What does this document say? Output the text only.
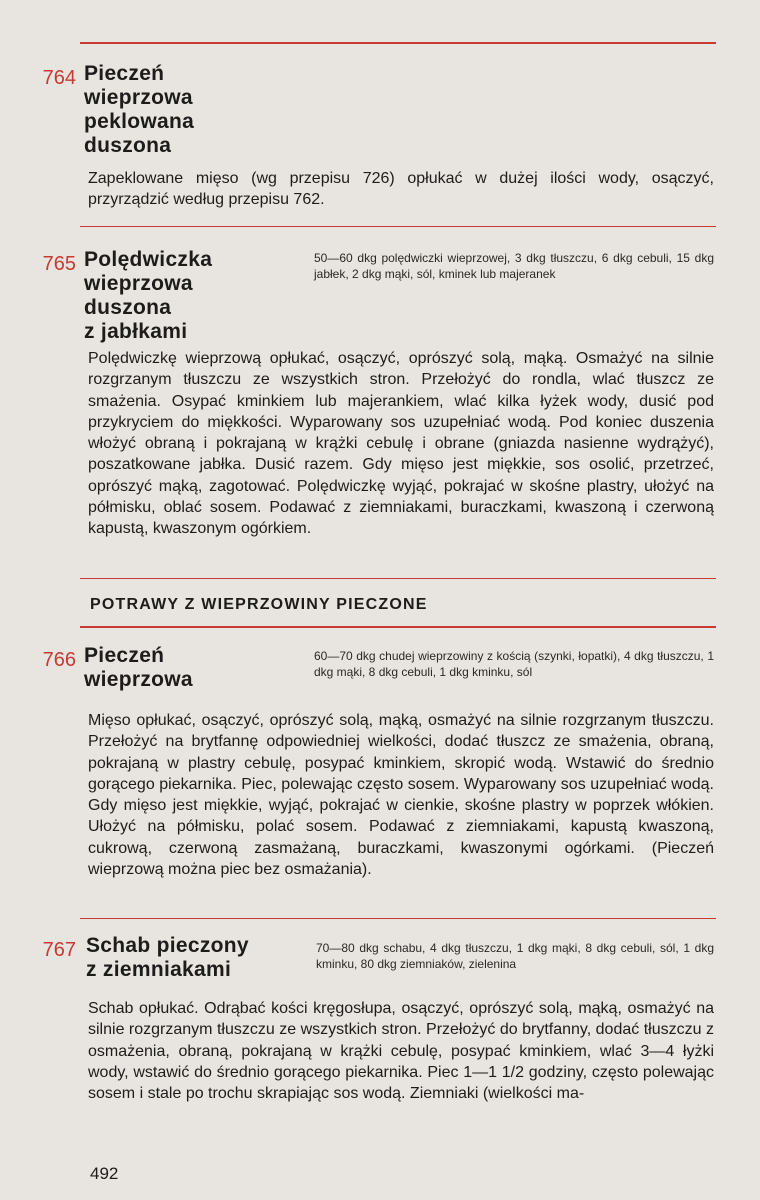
764 Pieczeń
wieprzowa
peklowana
duszona
Zapeklowane mięso (wg przepisu 726) opłukać w dużej ilości wody, osączyć, przyrządzić według przepisu 762.
765 Polędwiczka
wieprzowa
duszona
z jabłkami
50—60 dkg polędwiczki wieprzowej, 3 dkg tłuszczu, 6 dkg cebuli, 15 dkg jabłek, 2 dkg mąki, sól, kminek lub majeranek
Polędwiczkę wieprzową opłukać, osączyć, oprószyć solą, mąką. Osmażyć na silnie rozgrzanym tłuszczu ze wszystkich stron. Przełożyć do rondla, wlać tłuszcz ze smażenia. Osypać kminkiem lub majerankiem, wlać kilka łyżek wody, dusić pod przykryciem do miękkości. Wyparowany sos uzupełniać wodą. Pod koniec duszenia włożyć obraną i pokrajaną w krążki cebulę i obrane (gniazda nasienne wydrążyć), poszatkowane jabłka. Dusić razem. Gdy mięso jest miękkie, sos osolić, przetrzeć, oprószyć mąką, zagotować. Polędwiczkę wyjąć, pokrajać w skośne plastry, ułożyć na półmisku, oblać sosem. Podawać z ziemniakami, buraczkami, kwaszoną i czerwoną kapustą, kwaszonym ogórkiem.
POTRAWY Z WIEPRZOWINY PIECZONE
766 Pieczeń
wieprzowa
60—70 dkg chudej wieprzowiny z kością (szynki, łopatki), 4 dkg tłuszczu, 1 dkg mąki, 8 dkg cebuli, 1 dkg kminku, sól
Mięso opłukać, osączyć, oprószyć solą, mąką, osmażyć na silnie rozgrzanym tłuszczu. Przełożyć na brytfannę odpowiedniej wielkości, dodać tłuszcz ze smażenia, obraną, pokrajaną w plastry cebulę, posypać kminkiem, skropić wodą. Wstawić do średnio gorącego piekarnika. Piec, polewając często sosem. Wyparowany sos uzupełniać wodą. Gdy mięso jest miękkie, wyjąć, pokrajać w cienkie, skośne plastry w poprzek włókien. Ułożyć na półmisku, polać sosem. Podawać z ziemniakami, kapustą kwaszoną, cukrową, czerwoną zasmażaną, buraczkami, kwaszonymi ogórkami. (Pieczeń wieprzową można piec bez osmażania).
767 Schab pieczony
z ziemniakami
70—80 dkg schabu, 4 dkg tłuszczu, 1 dkg mąki, 8 dkg cebuli, sól, 1 dkg kminku, 80 dkg ziemniaków, zielenina
Schab opłukać. Odrąbać kości kręgosłupa, osączyć, oprószyć solą, mąką, osmażyć na silnie rozgrzanym tłuszczu ze wszystkich stron. Przełożyć do brytfanny, dodać tłuszczu z osmażenia, obraną, pokrajaną w krążki cebulę, posypać kminkiem, wlać 3—4 łyżki wody, wstawić do średnio gorącego piekarnika. Piec 1—1 1/2 godziny, często polewając sosem i stale po trochu skrapiając sos wodą. Ziemniaki (wielkości ma-
492
